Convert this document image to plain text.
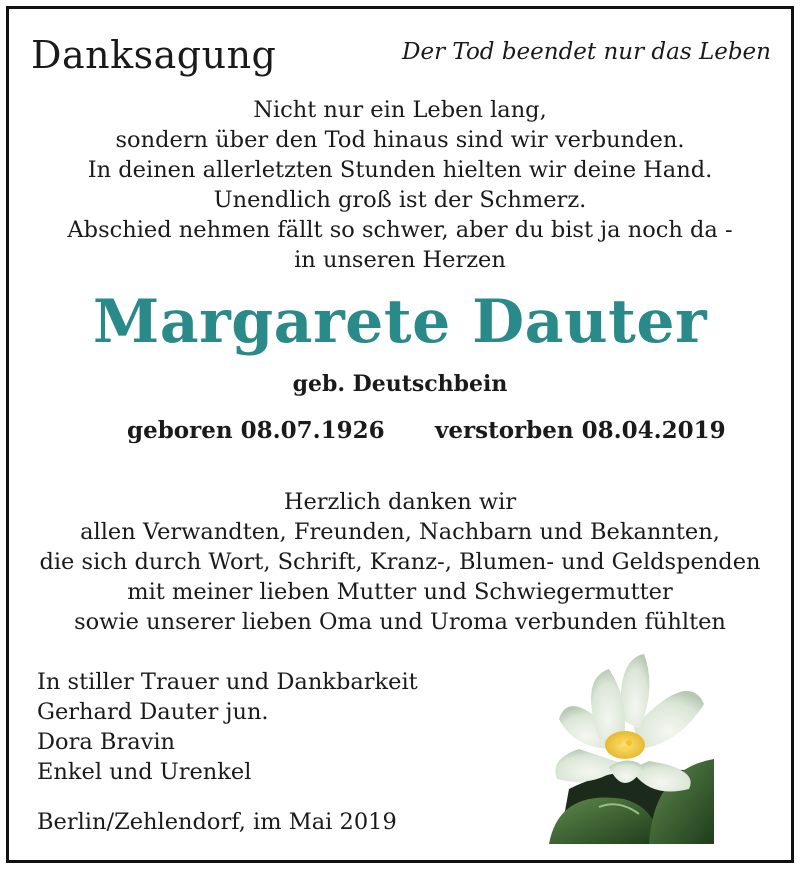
Danksagung	Der Tod beendet nur das Leben
Nicht nur ein Leben lang,
sondern über den Tod hinaus sind wir verbunden.
In deinen allerletzten Stunden hielten wir deine Hand.
Unendlich groß ist der Schmerz.
Abschied nehmen fällt so schwer, aber du bist ja noch da -
in unseren Herzen
Margarete Dauter
geb. Deutschbein
geboren 08.07.1926 verstorben 08.04.2019
Herzlich danken wir
allen Verwandten, Freunden, Nachbarn und Bekannten,
die sich durch Wort, Schrift, Kranz-, Blumen- und Geldspenden
mit meiner lieben Mutter und Schwiegermutter
sowie unserer lieben Oma und Uroma verbunden fühlten
In stiller Trauer und Dankbarkeit
Gerhard Dauter jun.
Dora Bravin
Enkel und Urenkel
Berlin/Zehlendorf, im Mai 2019
